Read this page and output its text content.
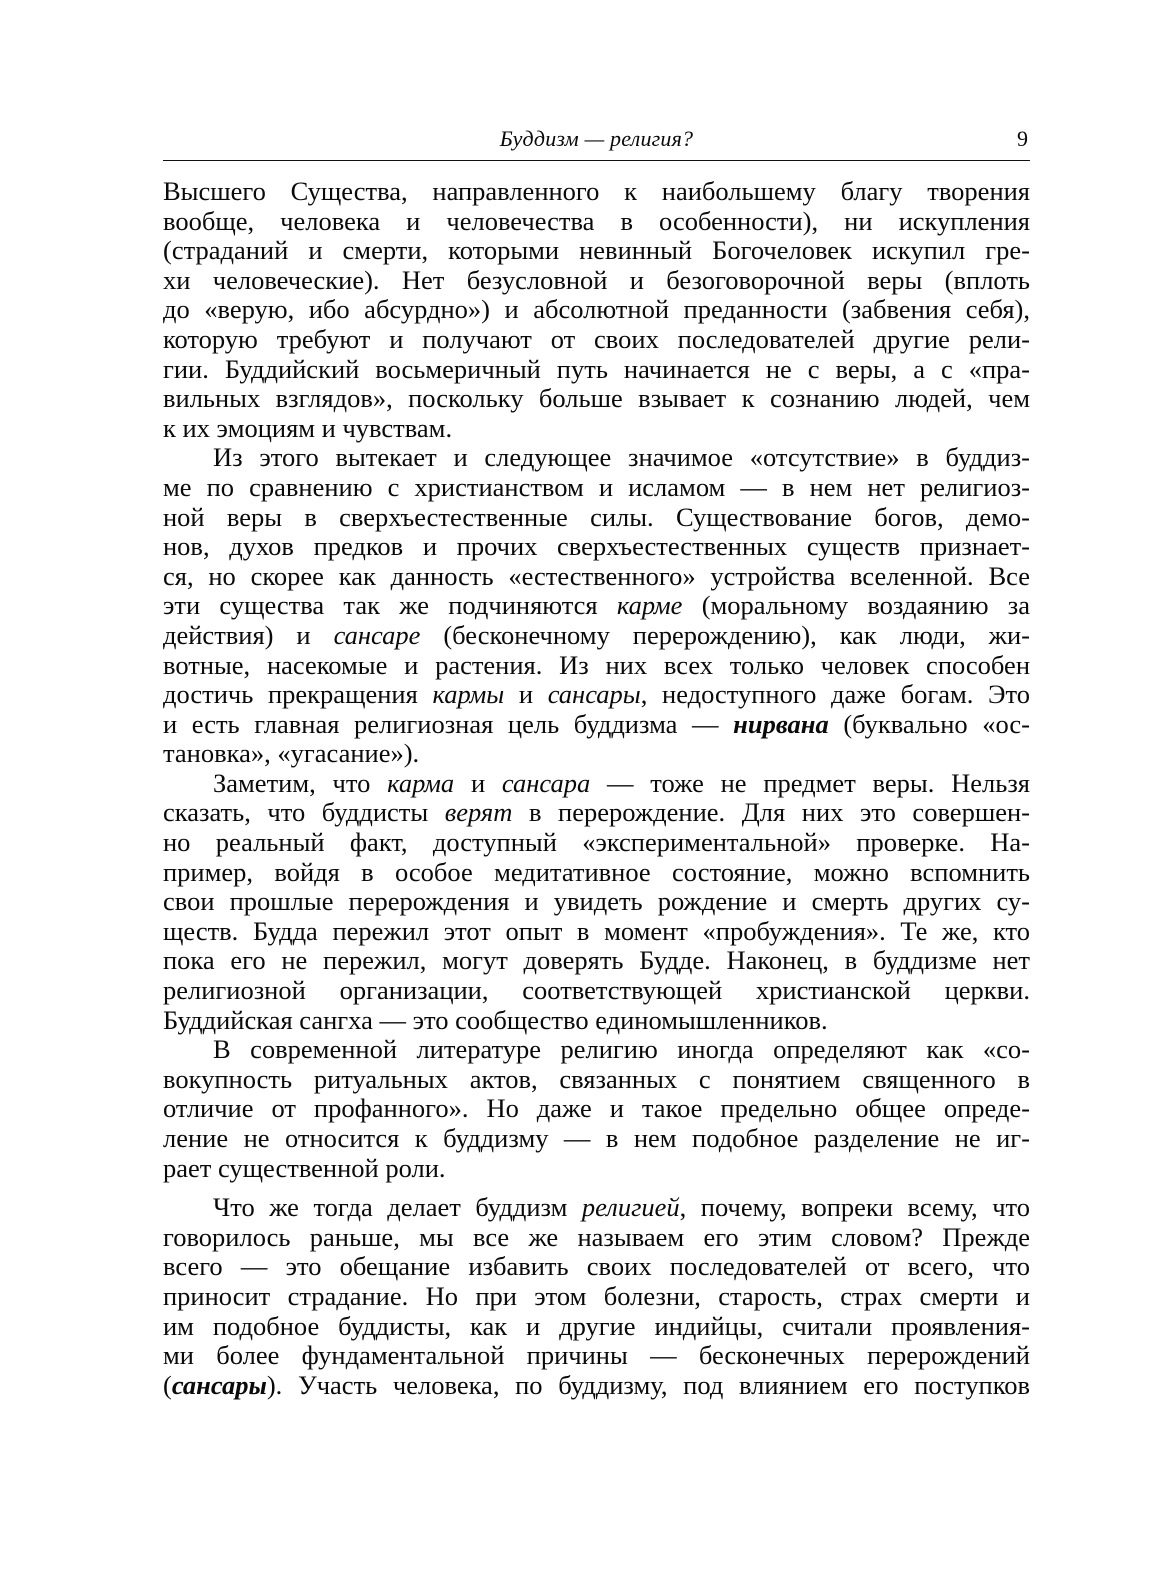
Буддизм — религия?	9
Высшего Существа, направленного к наибольшему благу творения
вообще, человека и человечества в особенности), ни искупления
(страданий и смерти, которыми невинный Богочеловек искупил гре-
хи человеческие). Нет безусловной и безоговорочной веры (вплоть
до «верую, ибо абсурдно») и абсолютной преданности (забвения себя),
которую требуют и получают от своих последователей другие рели-
гии. Буддийский восьмеричный путь начинается не с веры, а с «пра-
вильных взглядов», поскольку больше взывает к сознанию людей, чем
к их эмоциям и чувствам.
Из этого вытекает и следующее значимое «отсутствие» в буддиз-
ме по сравнению с христианством и исламом — в нем нет религиоз-
ной веры в сверхъестественные силы. Существование богов, демо-
нов, духов предков и прочих сверхъестественных существ признает-
ся, но скорее как данность «естественного» устройства вселенной. Все
эти существа так же подчиняются карме (моральному воздаянию за
действия) и сансаре (бесконечному перерождению), как люди, жи-
вотные, насекомые и растения. Из них всех только человек способен
достичь прекращения кармы и сансары, недоступного даже богам. Это
и есть главная религиозная цель буддизма — нирвана (буквально «ос-
тановка», «угасание»).
Заметим, что карма и сансара — тоже не предмет веры. Нельзя
сказать, что буддисты верят в перерождение. Для них это совершен-
но реальный факт, доступный «экспериментальной» проверке. На-
пример, войдя в особое медитативное состояние, можно вспомнить
свои прошлые перерождения и увидеть рождение и смерть других су-
ществ. Будда пережил этот опыт в момент «пробуждения». Те же, кто
пока его не пережил, могут доверять Будде. Наконец, в буддизме нет
религиозной организации, соответствующей христианской церкви.
Буддийская сангха — это сообщество единомышленников.
В современной литературе религию иногда определяют как «со-
вокупность ритуальных актов, связанных с понятием священного в
отличие от профанного». Но даже и такое предельно общее опреде-
ление не относится к буддизму — в нем подобное разделение не иг-
рает существенной роли.
Что же тогда делает буддизм религией, почему, вопреки всему, что
говорилось раньше, мы все же называем его этим словом? Прежде
всего — это обещание избавить своих последователей от всего, что
приносит страдание. Но при этом болезни, старость, страх смерти и
им подобное буддисты, как и другие индийцы, считали проявления-
ми более фундаментальной причины — бесконечных перерождений
(сансары). Участь человека, по буддизму, под влиянием его поступков
